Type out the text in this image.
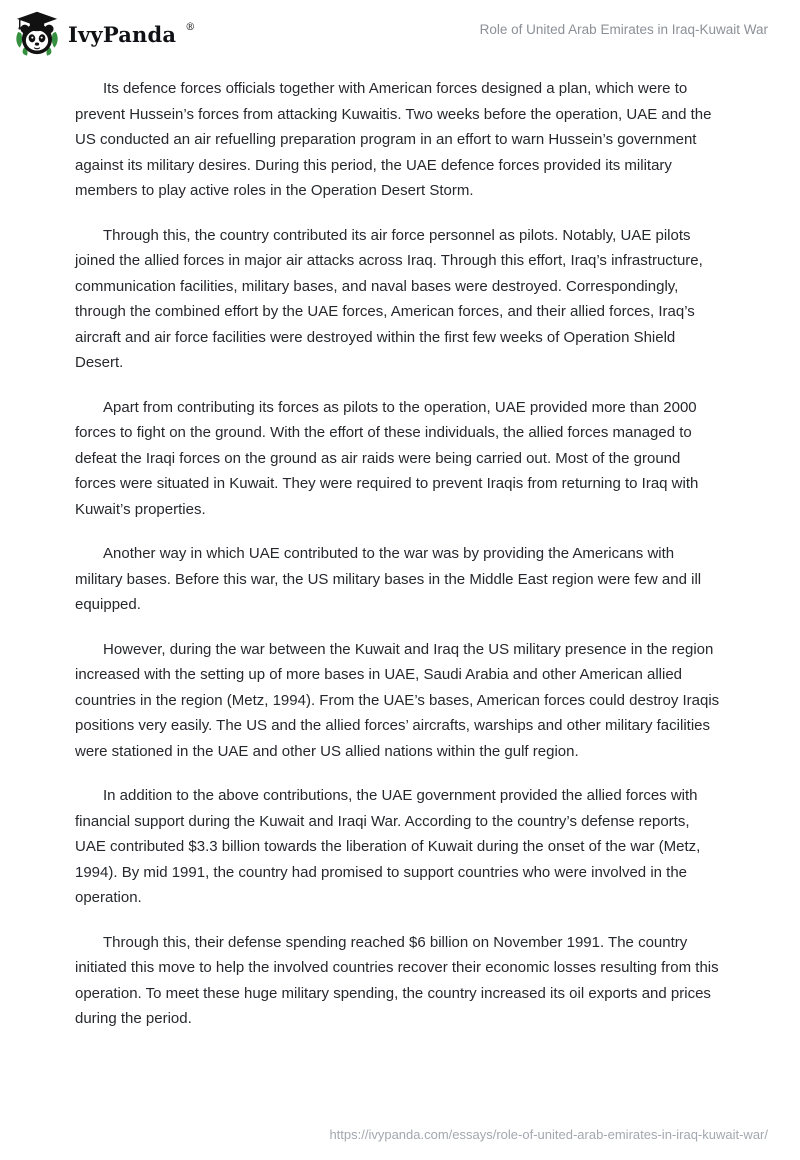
IvyPanda ®	Role of United Arab Emirates in Iraq-Kuwait War

Its defence forces officials together with American forces designed a plan, which were to prevent Hussein’s forces from attacking Kuwaitis. Two weeks before the operation, UAE and the US conducted an air refuelling preparation program in an effort to warn Hussein’s government against its military desires. During this period, the UAE defence forces provided its military members to play active roles in the Operation Desert Storm.

Through this, the country contributed its air force personnel as pilots. Notably, UAE pilots joined the allied forces in major air attacks across Iraq. Through this effort, Iraq’s infrastructure, communication facilities, military bases, and naval bases were destroyed. Correspondingly, through the combined effort by the UAE forces, American forces, and their allied forces, Iraq’s aircraft and air force facilities were destroyed within the first few weeks of Operation Shield Desert.

Apart from contributing its forces as pilots to the operation, UAE provided more than 2000 forces to fight on the ground. With the effort of these individuals, the allied forces managed to defeat the Iraqi forces on the ground as air raids were being carried out. Most of the ground forces were situated in Kuwait. They were required to prevent Iraqis from returning to Iraq with Kuwait’s properties.

Another way in which UAE contributed to the war was by providing the Americans with military bases. Before this war, the US military bases in the Middle East region were few and ill equipped.

However, during the war between the Kuwait and Iraq the US military presence in the region increased with the setting up of more bases in UAE, Saudi Arabia and other American allied countries in the region (Metz, 1994). From the UAE’s bases, American forces could destroy Iraqis positions very easily. The US and the allied forces’ aircrafts, warships and other military facilities were stationed in the UAE and other US allied nations within the gulf region.

In addition to the above contributions, the UAE government provided the allied forces with financial support during the Kuwait and Iraqi War. According to the country’s defense reports, UAE contributed $3.3 billion towards the liberation of Kuwait during the onset of the war (Metz, 1994). By mid 1991, the country had promised to support countries who were involved in the operation.

Through this, their defense spending reached $6 billion on November 1991. The country initiated this move to help the involved countries recover their economic losses resulting from this operation. To meet these huge military spending, the country increased its oil exports and prices during the period.

https://ivypanda.com/essays/role-of-united-arab-emirates-in-iraq-kuwait-war/
